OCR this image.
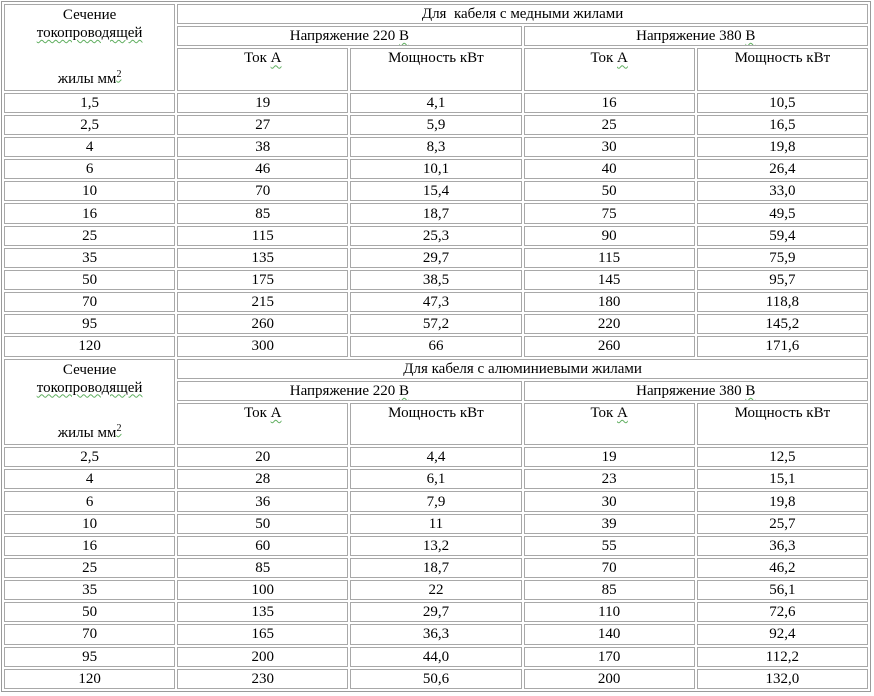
Сечение
токопроводящей
жилы $мм^2$	Для  кабеля с медными жилами			
	Напряжение 220 В		Напряжение 380 В	
	Ток А	Мощность кВт	Ток А	Мощность кВт
1,5	19	4,1	16	10,5
2,5	27	5,9	25	16,5
4	38	8,3	30	19,8
6	46	10,1	40	26,4
10	70	15,4	50	33,0
16	85	18,7	75	49,5
25	115	25,3	90	59,4
35	135	29,7	115	75,9
50	175	38,5	145	95,7
70	215	47,3	180	118,8
95	260	57,2	220	145,2
120	300	66	260	171,6

Сечение
токопроводящей
жилы $мм^2$	Для кабеля с алюминиевыми жилами			
	Напряжение 220 В		Напряжение 380 В	
	Ток А	Мощность кВт	Ток А	Мощность кВт
2,5	20	4,4	19	12,5
4	28	6,1	23	15,1
6	36	7,9	30	19,8
10	50	11	39	25,7
16	60	13,2	55	36,3
25	85	18,7	70	46,2
35	100	22	85	56,1
50	135	29,7	110	72,6
70	165	36,3	140	92,4
95	200	44,0	170	112,2
120	230	50,6	200	132,0
